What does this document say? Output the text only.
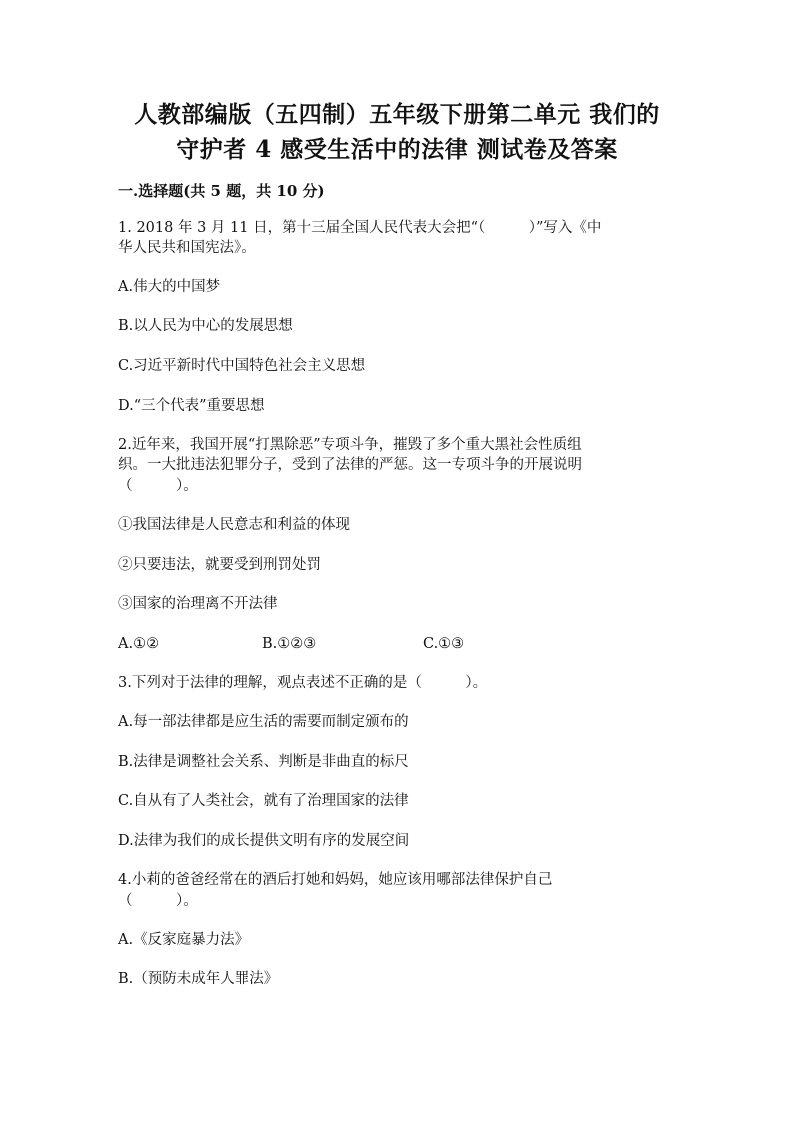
人教部编版（五四制）五年级下册第二单元 我们的
守护者 4 感受生活中的法律 测试卷及答案
一.选择题(共 5 题，共 10 分)
1. 2018 年 3 月 11 日，第十三届全国人民代表大会把“（　　　）”写入《中
华人民共和国宪法》。
A.伟大的中国梦
B.以人民为中心的发展思想
C.习近平新时代中国特色社会主义思想
D.“三个代表”重要思想
2.近年来，我国开展“打黑除恶”专项斗争，摧毁了多个重大黑社会性质组
织。一大批违法犯罪分子，受到了法律的严惩。这一专项斗争的开展说明
（　　　）。
①我国法律是人民意志和利益的体现
②只要违法，就要受到刑罚处罚
③国家的治理离不开法律
A.①②	B.①②③	C.①③
3.下列对于法律的理解，观点表述不正确的是（　　　）。
A.每一部法律都是应生活的需要而制定颁布的
B.法律是调整社会关系、判断是非曲直的标尺
C.自从有了人类社会，就有了治理国家的法律
D.法律为我们的成长提供文明有序的发展空间
4.小莉的爸爸经常在的酒后打她和妈妈，她应该用哪部法律保护自己
（　　　）。
A.《反家庭暴力法》
B.（预防未成年人罪法》
